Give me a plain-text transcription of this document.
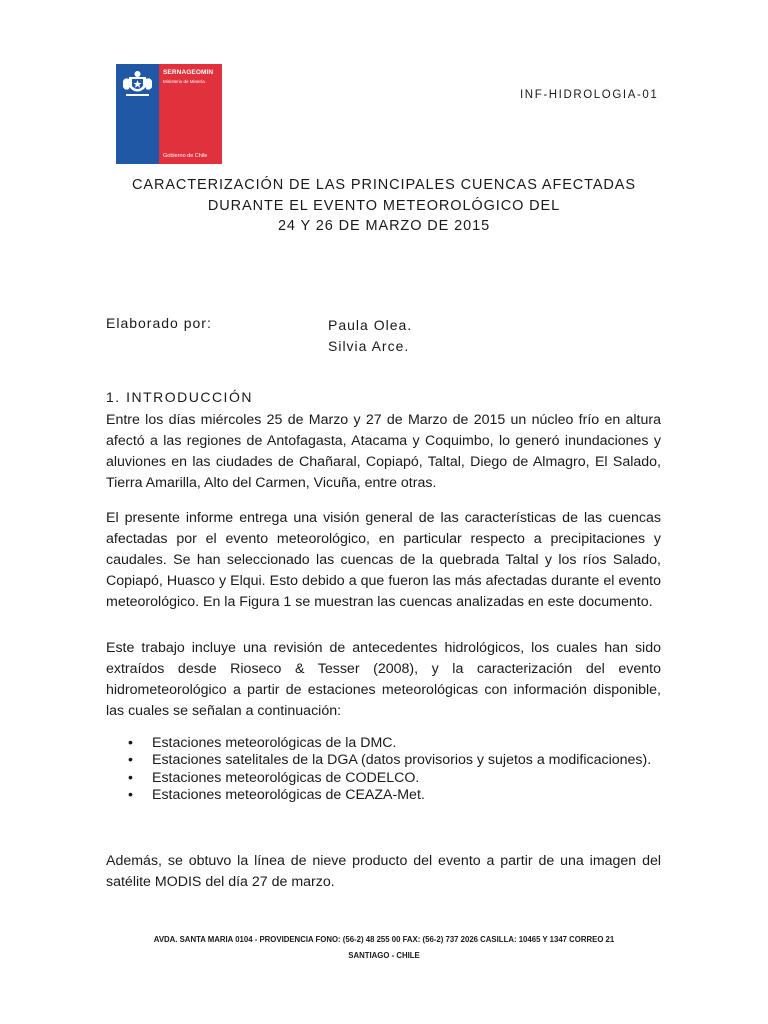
SERNAGEOMIN
Ministerio de Minería
Gobierno de Chile
INF-HIDROLOGIA-01
CARACTERIZACIÓN DE LAS PRINCIPALES CUENCAS AFECTADAS
DURANTE EL EVENTO METEOROLÓGICO DEL
24 Y 26 DE MARZO DE 2015
Elaborado por:	Paula Olea.
Silvia Arce.
1. INTRODUCCIÓN

Entre los días miércoles 25 de Marzo y 27 de Marzo de 2015 un núcleo frío en altura afectó a las regiones de Antofagasta, Atacama y Coquimbo, lo generó inundaciones y aluviones en las ciudades de Chañaral, Copiapó, Taltal, Diego de Almagro, El Salado, Tierra Amarilla, Alto del Carmen, Vicuña, entre otras.

El presente informe entrega una visión general de las características de las cuencas afectadas por el evento meteorológico, en particular respecto a precipitaciones y caudales. Se han seleccionado las cuencas de la quebrada Taltal y los ríos Salado, Copiapó, Huasco y Elqui. Esto debido a que fueron las más afectadas durante el evento meteorológico. En la Figura 1 se muestran las cuencas analizadas en este documento.

Este trabajo incluye una revisión de antecedentes hidrológicos, los cuales han sido extraídos desde Rioseco & Tesser (2008), y la caracterización del evento hidrometeorológico a partir de estaciones meteorológicas con información disponible, las cuales se señalan a continuación:

• Estaciones meteorológicas de la DMC.
• Estaciones satelitales de la DGA (datos provisorios y sujetos a modificaciones).
• Estaciones meteorológicas de CODELCO.
• Estaciones meteorológicas de CEAZA-Met.

Además, se obtuvo la línea de nieve producto del evento a partir de una imagen del satélite MODIS del día 27 de marzo.

AVDA. SANTA MARIA 0104 - PROVIDENCIA FONO: (56-2) 48 255 00 FAX: (56-2) 737 2026 CASILLA: 10465 Y 1347 CORREO 21
SANTIAGO - CHILE
